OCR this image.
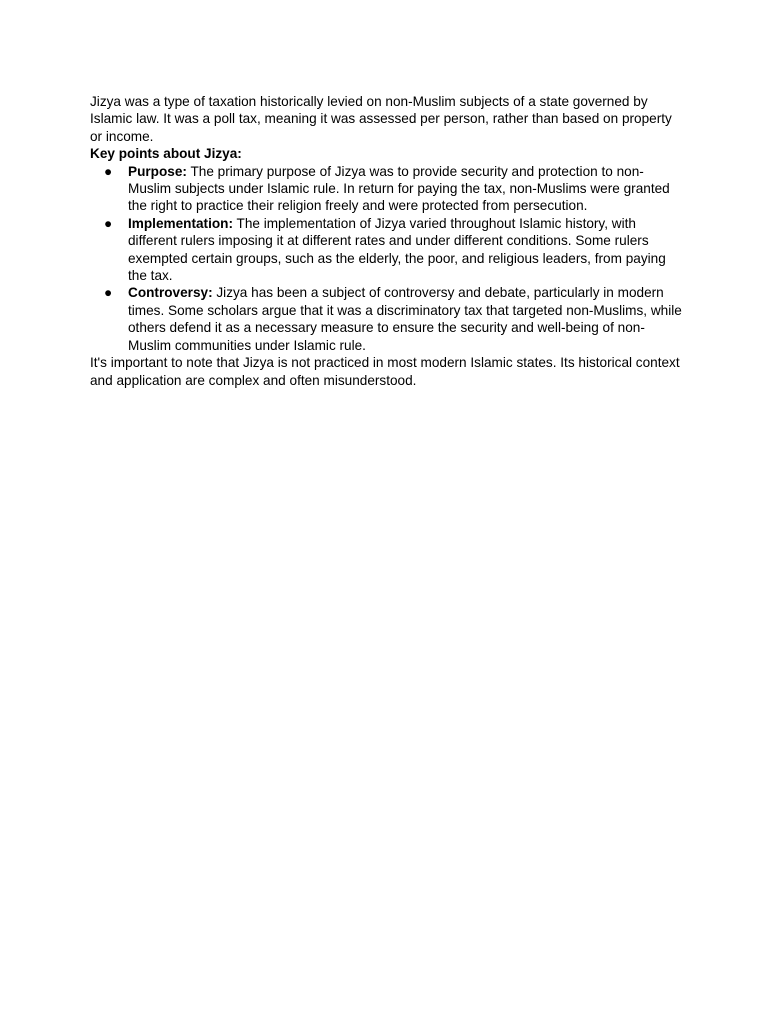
Jizya was a type of taxation historically levied on non-Muslim subjects of a state governed by Islamic law. It was a poll tax, meaning it was assessed per person, rather than based on property or income.

Key points about Jizya:

● Purpose: The primary purpose of Jizya was to provide security and protection to non-Muslim subjects under Islamic rule. In return for paying the tax, non-Muslims were granted the right to practice their religion freely and were protected from persecution.
● Implementation: The implementation of Jizya varied throughout Islamic history, with different rulers imposing it at different rates and under different conditions. Some rulers exempted certain groups, such as the elderly, the poor, and religious leaders, from paying the tax.
● Controversy: Jizya has been a subject of controversy and debate, particularly in modern times. Some scholars argue that it was a discriminatory tax that targeted non-Muslims, while others defend it as a necessary measure to ensure the security and well-being of non-Muslim communities under Islamic rule.

It's important to note that Jizya is not practiced in most modern Islamic states. Its historical context and application are complex and often misunderstood.
